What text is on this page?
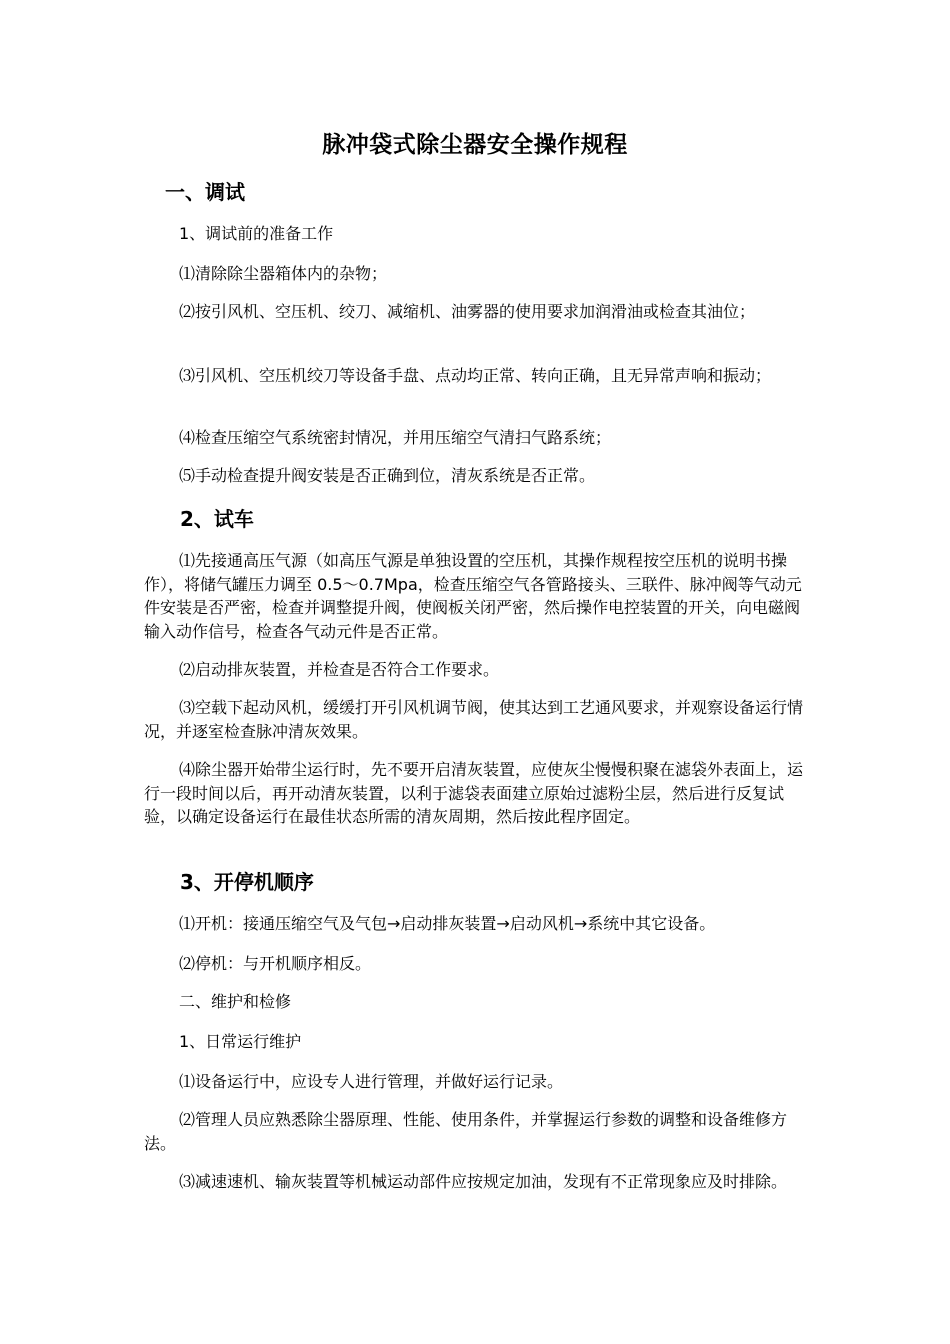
脉冲袋式除尘器安全操作规程
一、调试

1、调试前的准备工作

⑴清除除尘器箱体内的杂物；

⑵按引风机、空压机、绞刀、减缩机、油雾器的使用要求加润滑油或检查其油位；

⑶引风机、空压机绞刀等设备手盘、点动均正常、转向正确，且无异常声响和振动；

⑷检查压缩空气系统密封情况，并用压缩空气清扫气路系统；

⑸手动检查提升阀安装是否正确到位，清灰系统是否正常。

2、试车

⑴先接通高压气源（如高压气源是单独设置的空压机，其操作规程按空压机的说明书操作），将储气罐压力调至 0.5～0.7Mpa，检查压缩空气各管路接头、三联件、脉冲阀等气动元件安装是否严密，检查并调整提升阀，使阀板关闭严密，然后操作电控装置的开关，向电磁阀输入动作信号，检查各气动元件是否正常。

⑵启动排灰装置，并检查是否符合工作要求。

⑶空载下起动风机，缓缓打开引风机调节阀，使其达到工艺通风要求，并观察设备运行情况，并逐室检查脉冲清灰效果。

⑷除尘器开始带尘运行时，先不要开启清灰装置，应使灰尘慢慢积聚在滤袋外表面上，运行一段时间以后，再开动清灰装置，以利于滤袋表面建立原始过滤粉尘层，然后进行反复试验，以确定设备运行在最佳状态所需的清灰周期，然后按此程序固定。

3、开停机顺序

⑴开机：接通压缩空气及气包→启动排灰装置→启动风机→系统中其它设备。

⑵停机：与开机顺序相反。

二、维护和检修

1、日常运行维护

⑴设备运行中，应设专人进行管理，并做好运行记录。

⑵管理人员应熟悉除尘器原理、性能、使用条件，并掌握运行参数的调整和设备维修方法。

⑶减速速机、输灰装置等机械运动部件应按规定加油，发现有不正常现象应及时排除。
